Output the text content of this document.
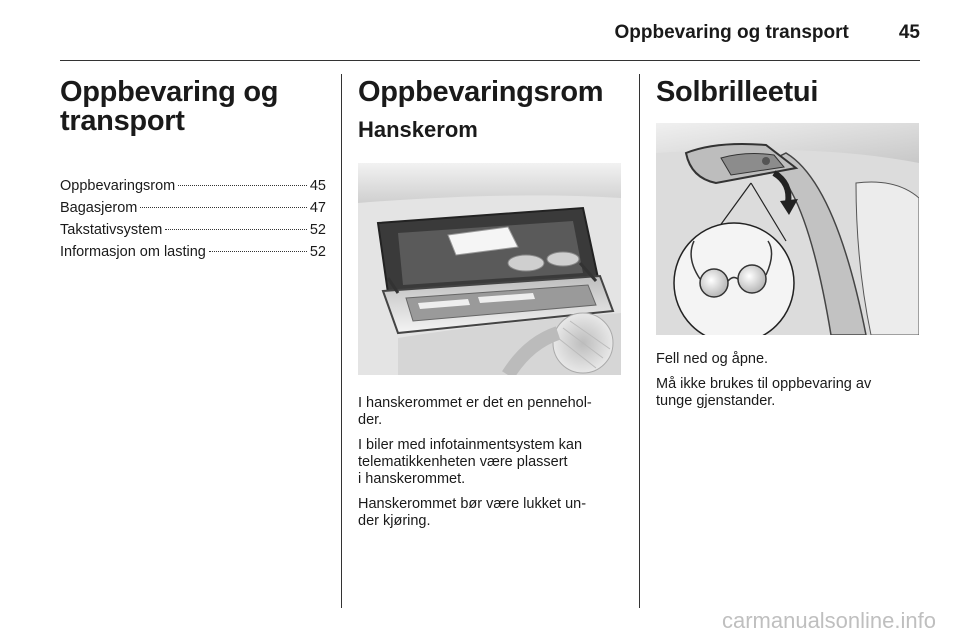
Oppbevaring og transport	45
Oppbevaring og
transport
Oppbevaringsrom	45
Bagasjerom	47
Takstativsystem	52
Informasjon om lasting	52
Oppbevaringsrom
Hanskerom

I hanskerommet er det en pennehol-
der.

I biler med infotainmentsystem kan
telematikkenheten være plassert
i hanskerommet.

Hanskerommet bør være lukket un-
der kjøring.

Solbrilleetui

Fell ned og åpne.

Må ikke brukes til oppbevaring av
tunge gjenstander.

carmanualsonline.info
